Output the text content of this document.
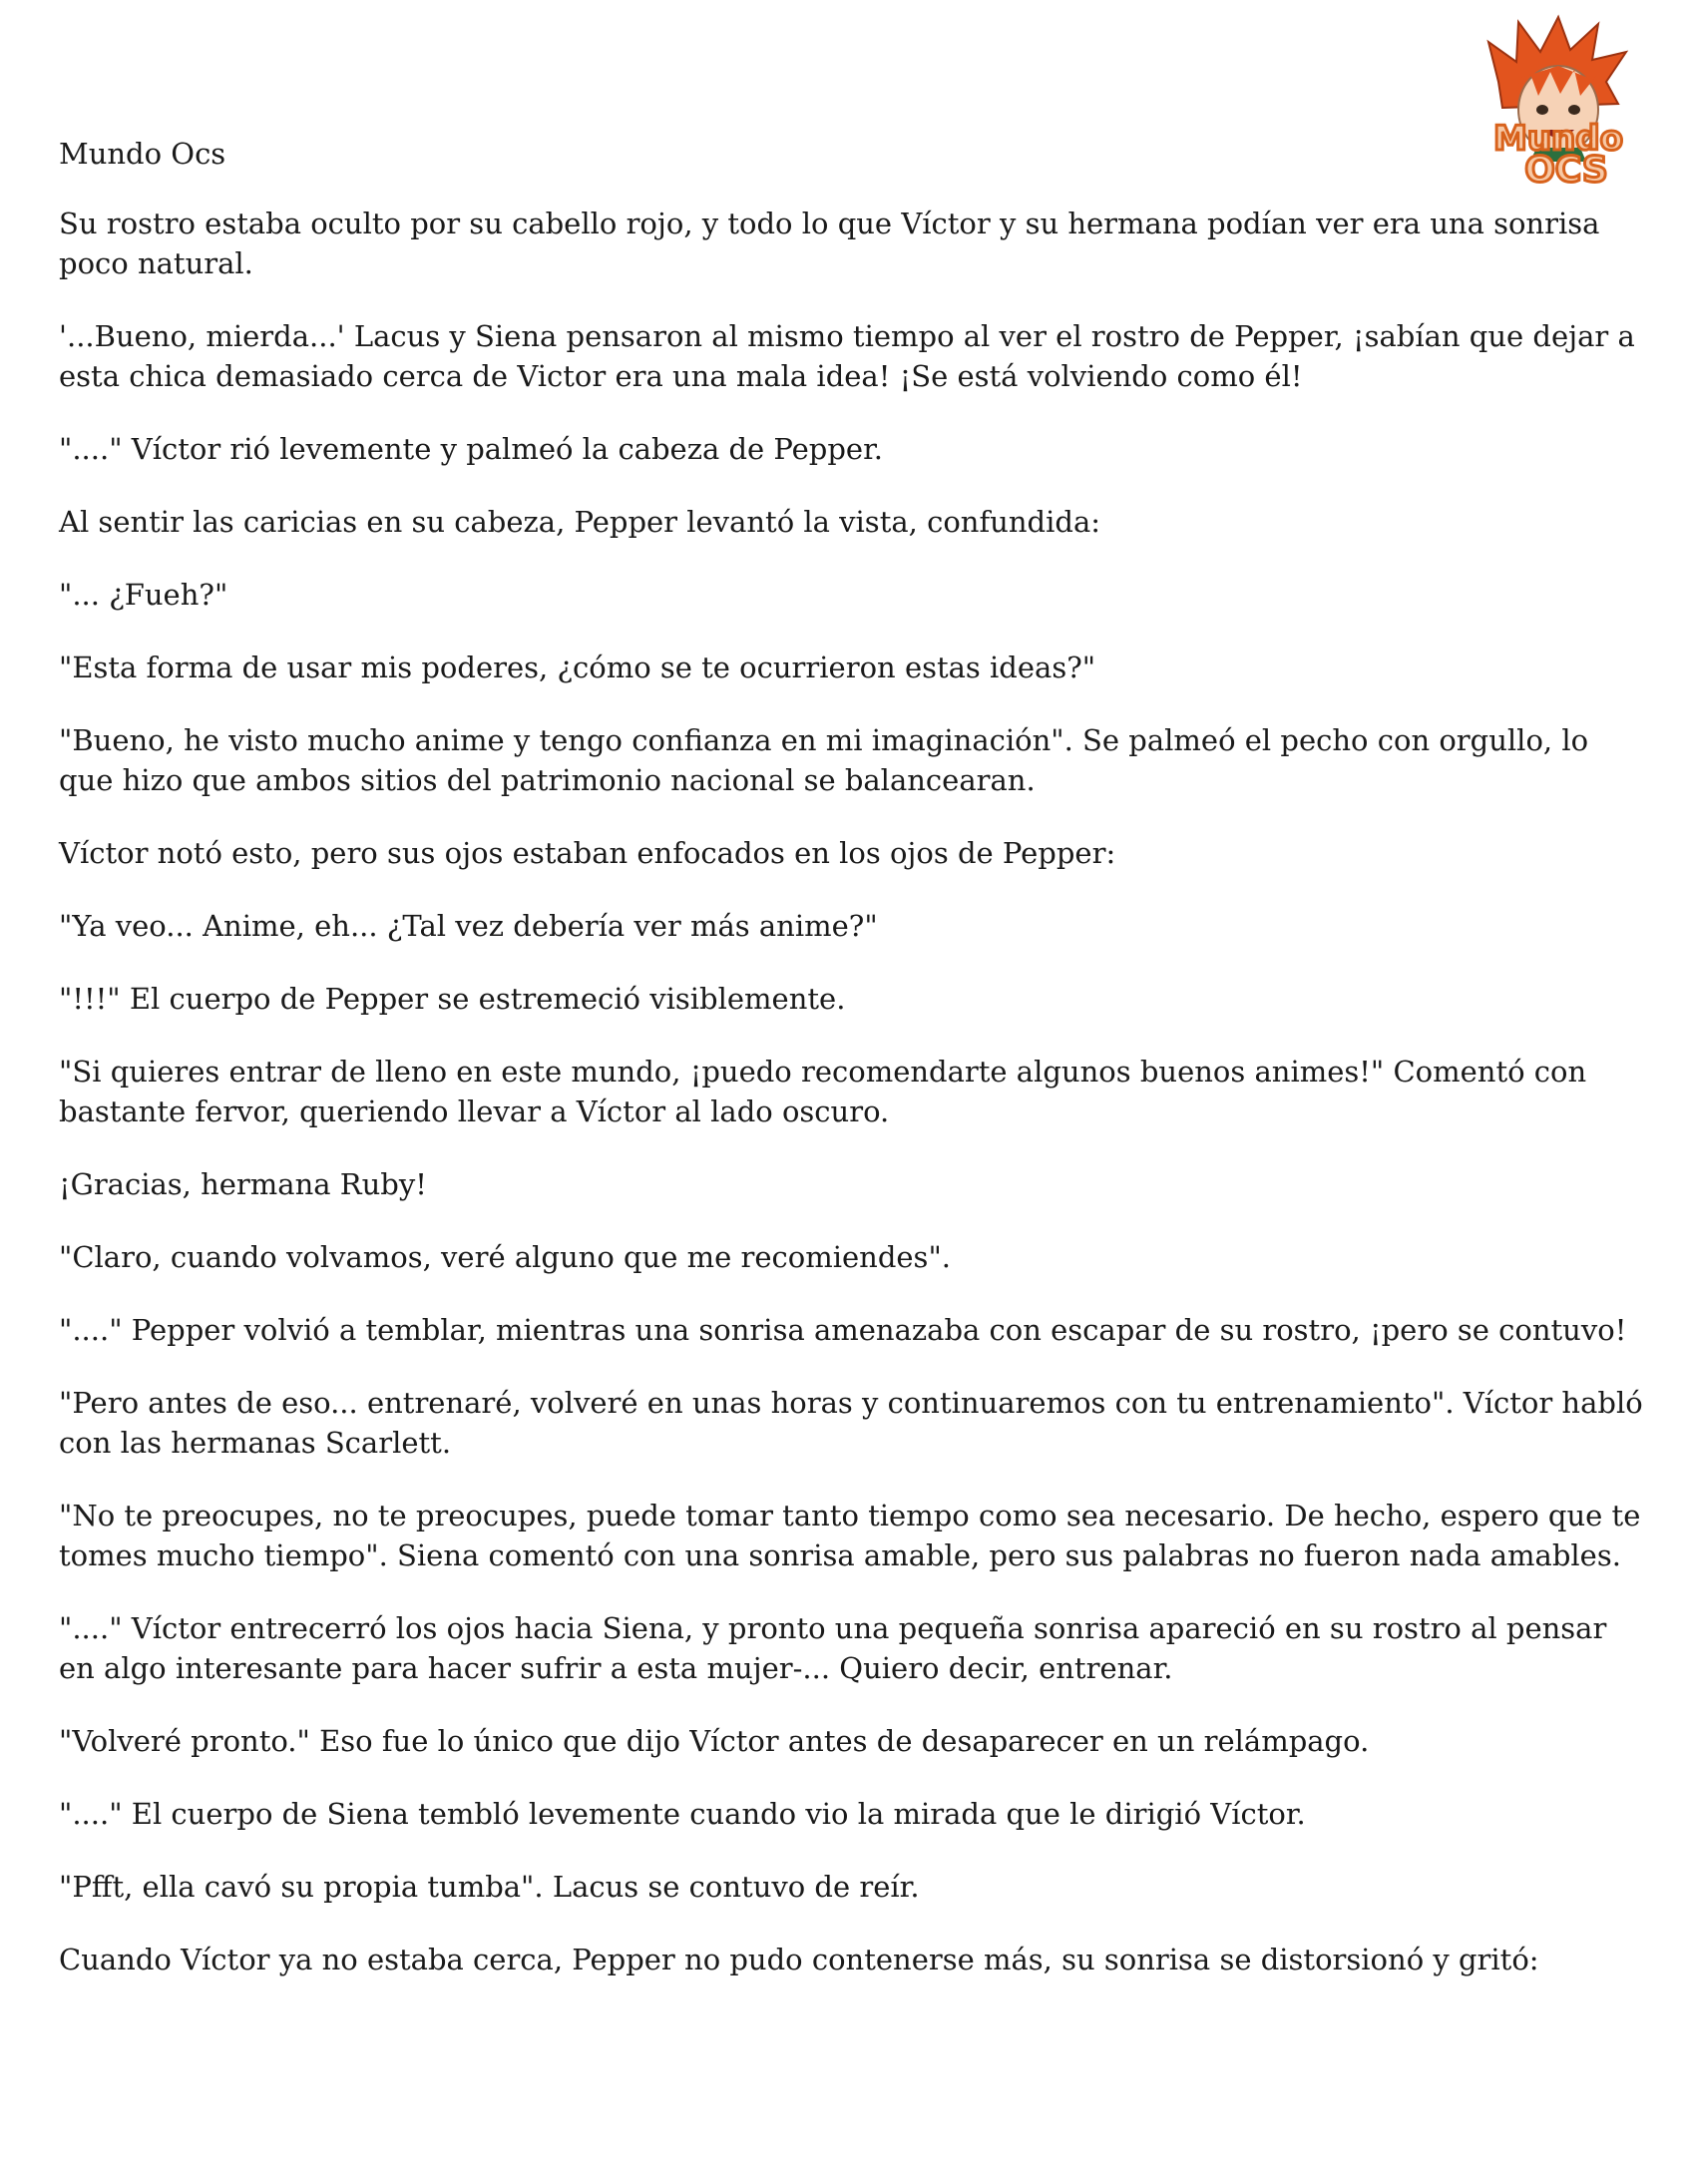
Mundo
OCS
Mundo Ocs

Su rostro estaba oculto por su cabello rojo, y todo lo que Víctor y su hermana podían ver era una sonrisa poco natural.

'...Bueno, mierda...' Lacus y Siena pensaron al mismo tiempo al ver el rostro de Pepper, ¡sabían que dejar a esta chica demasiado cerca de Victor era una mala idea! ¡Se está volviendo como él!

"...." Víctor rió levemente y palmeó la cabeza de Pepper.

Al sentir las caricias en su cabeza, Pepper levantó la vista, confundida:

"... ¿Fueh?"

"Esta forma de usar mis poderes, ¿cómo se te ocurrieron estas ideas?"

"Bueno, he visto mucho anime y tengo confianza en mi imaginación". Se palmeó el pecho con orgullo, lo que hizo que ambos sitios del patrimonio nacional se balancearan.

Víctor notó esto, pero sus ojos estaban enfocados en los ojos de Pepper:

"Ya veo... Anime, eh... ¿Tal vez debería ver más anime?"

"!!!" El cuerpo de Pepper se estremeció visiblemente.

"Si quieres entrar de lleno en este mundo, ¡puedo recomendarte algunos buenos animes!" Comentó con bastante fervor, queriendo llevar a Víctor al lado oscuro.

¡Gracias, hermana Ruby!

"Claro, cuando volvamos, veré alguno que me recomiendes".

"...." Pepper volvió a temblar, mientras una sonrisa amenazaba con escapar de su rostro, ¡pero se contuvo!

"Pero antes de eso... entrenaré, volveré en unas horas y continuaremos con tu entrenamiento". Víctor habló con las hermanas Scarlett.

"No te preocupes, no te preocupes, puede tomar tanto tiempo como sea necesario. De hecho, espero que te tomes mucho tiempo". Siena comentó con una sonrisa amable, pero sus palabras no fueron nada amables.

"...." Víctor entrecerró los ojos hacia Siena, y pronto una pequeña sonrisa apareció en su rostro al pensar en algo interesante para hacer sufrir a esta mujer-... Quiero decir, entrenar.

"Volveré pronto." Eso fue lo único que dijo Víctor antes de desaparecer en un relámpago.

"...." El cuerpo de Siena tembló levemente cuando vio la mirada que le dirigió Víctor.

"Pfft, ella cavó su propia tumba". Lacus se contuvo de reír.

Cuando Víctor ya no estaba cerca, Pepper no pudo contenerse más, su sonrisa se distorsionó y gritó:
